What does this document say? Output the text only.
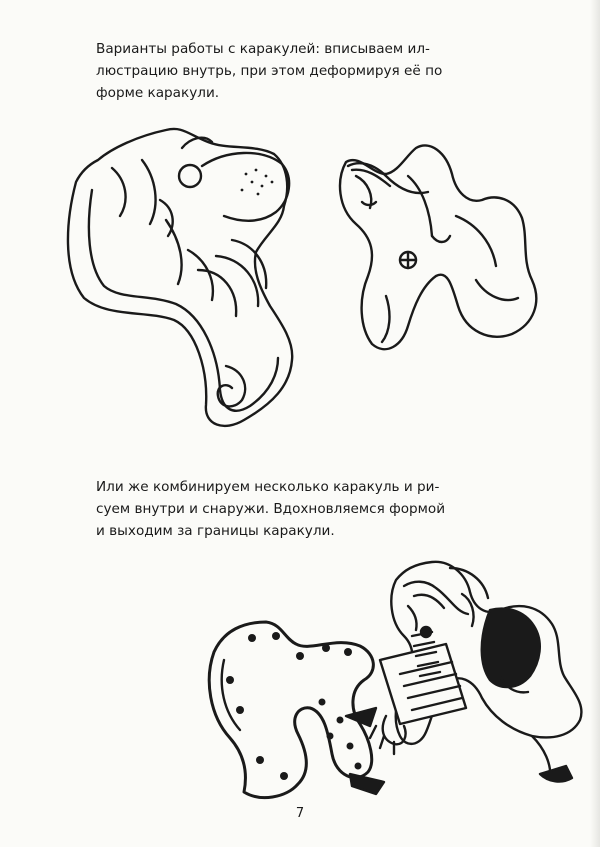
Варианты работы с каракулей: вписываем ил-
люстрацию внутрь, при этом деформируя её по
форме каракули.
Или же комбинируем несколько каракуль и ри-
суем внутри и снаружи. Вдохновляемся формой
и выходим за границы каракули.
7
